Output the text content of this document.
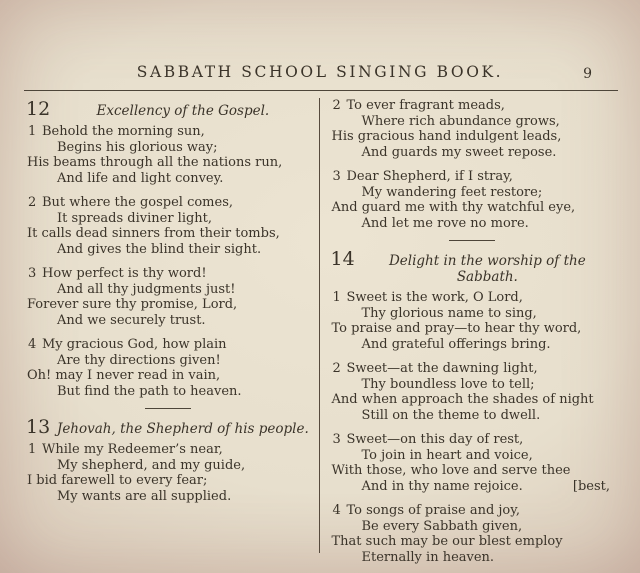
SABBATH SCHOOL SINGING BOOK.	9
12	Excellency of the Gospel.
1 Behold the morning sun,
Begins his glorious way;
His beams through all the nations run,
And life and light convey.
2 But where the gospel comes,
It spreads diviner light,
It calls dead sinners from their tombs,
And gives the blind their sight.
3 How perfect is thy word!
And all thy judgments just!
Forever sure thy promise, Lord,
And we securely trust.
4 My gracious God, how plain
Are thy directions given!
Oh! may I never read in vain,
But find the path to heaven.
13 Jehovah, the Shepherd of his people.
1 While my Redeemer’s near,
My shepherd, and my guide,
I bid farewell to every fear;
My wants are all supplied.
2 To ever fragrant meads,
Where rich abundance grows,
His gracious hand indulgent leads,
And guards my sweet repose.
3 Dear Shepherd, if I stray,
My wandering feet restore;
And guard me with thy watchful eye,
And let me rove no more.
14	Delight in the worship of the Sabbath.
1 Sweet is the work, O Lord,
Thy glorious name to sing,
To praise and pray—to hear thy word,
And grateful offerings bring.
2 Sweet—at the dawning light,
Thy boundless love to tell;
And when approach the shades of night
Still on the theme to dwell.
3 Sweet—on this day of rest,
To join in heart and voice,
With those, who love and serve thee
And in thy name rejoice.	[best,
4 To songs of praise and joy,
Be every Sabbath given,
That such may be our blest employ
Eternally in heaven.
